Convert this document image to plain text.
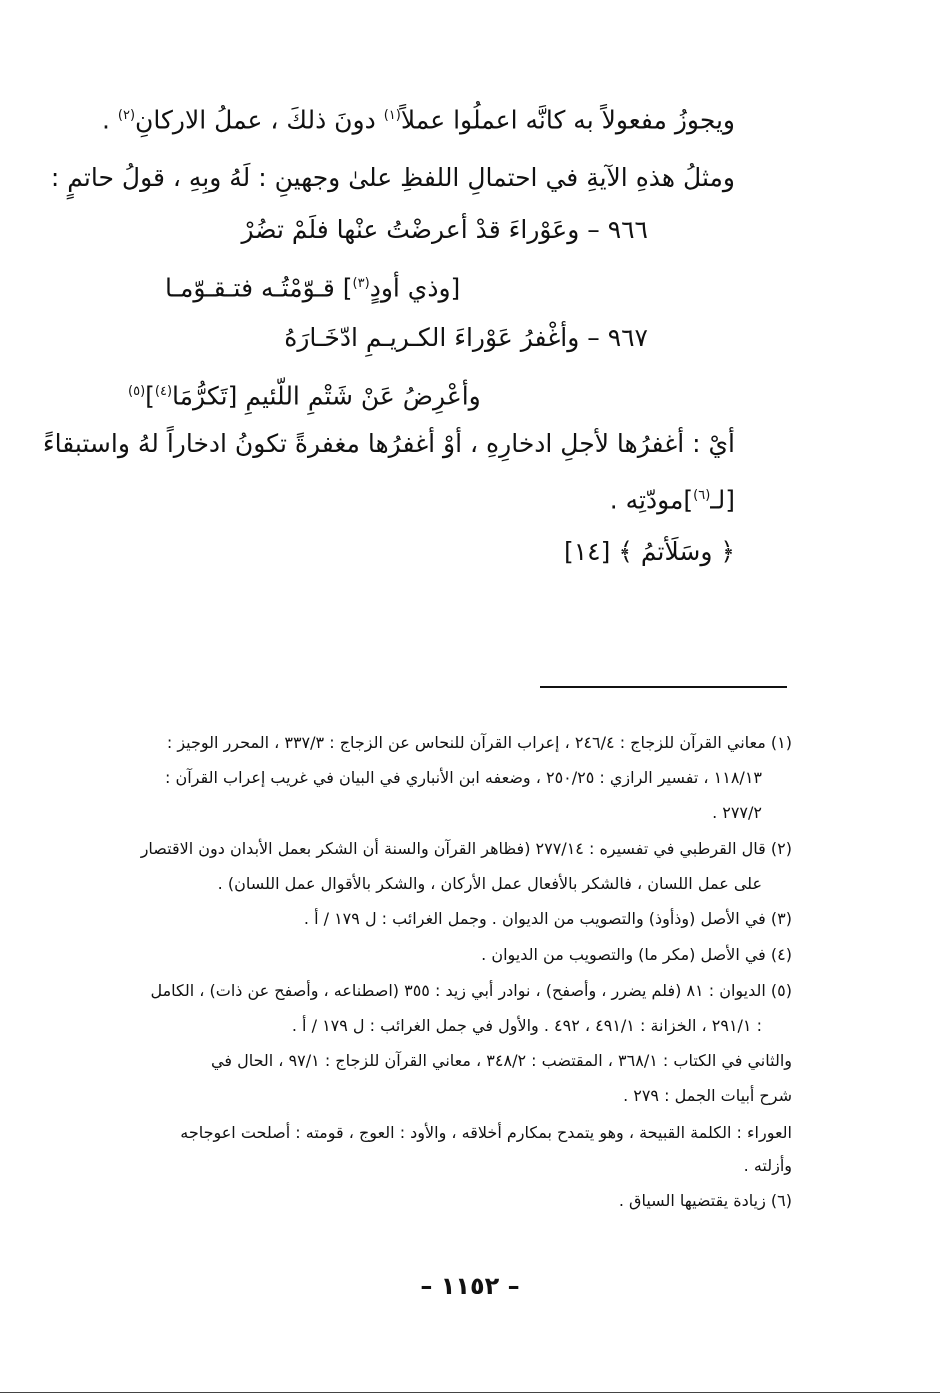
ويجوزُ مفعولاً به كانَّه اعملُوا عملاً$^{(١)}$ دونَ ذلكَ ، عملُ الاركانِ$^{(٢)}$ .
ومثلُ هذهِ الآيةِ في احتمالِ اللفظِ علىٰ وجهينِ : لَهُ وبِهِ ، قولُ حاتمٍ :
٩٦٦ – وعَوْراءَ قدْ أعرضْتُ عنْها فلَمْ تضُرْ
[وذي أودٍ$^{(٣)}$] قـوّمْتُـه فتـقـوّمـا
٩٦٧ – وأغْفرُ عَوْراءَ الكـريـمِ ادّخَـارَهُ
وأعْرِضُ عَنْ شَتْمِ اللّئيمِ [تَكرُّمَا$^{(٤)}$]$^{(٥)}$
أيْ : أغفرُها لأجلِ ادخارِهِ ، أوْ أغفرُها مغفرةً تكونُ ادخاراً لهُ واستبقاءً
[لـ$^{(٦)}$]مودّتِه .
﴿ وسَلَأتمُ ﴾ [١٤]
(١) معاني القرآن للزجاج : ٢٤٦/٤ ، إعراب القرآن للنحاس عن الزجاج : ٣٣٧/٣ ، المحرر الوجيز :
١١٨/١٣ ، تفسير الرازي : ٢٥٠/٢٥ ، وضعفه ابن الأنباري في البيان في غريب إعراب القرآن :
٢٧٧/٢ .
(٢) قال القرطبي في تفسيره : ٢٧٧/١٤ (فظاهر القرآن والسنة أن الشكر بعمل الأبدان دون الاقتصار
على عمل اللسان ، فالشكر بالأفعال عمل الأركان ، والشكر بالأقوال عمل اللسان) .
(٣) في الأصل (وذأوذ) والتصويب من الديوان . وجمل الغرائب : ل ١٧٩ / أ .
(٤) في الأصل (مكر ما) والتصويب من الديوان .
(٥) الديوان : ٨١ (فلم يضرر ، وأصفح) ، نوادر أبي زيد : ٣٥٥ (اصطناعه ، وأصفح عن ذات) ، الكامل
: ٢٩١/١ ، الخزانة : ٤٩١/١ ، ٤٩٢ . والأول في جمل الغرائب : ل ١٧٩ / أ .
والثاني في الكتاب : ٣٦٨/١ ، المقتضب : ٣٤٨/٢ ، معاني القرآن للزجاج : ٩٧/١ ، الحال في
شرح أبيات الجمل : ٢٧٩ .
العوراء : الكلمة القبيحة ، وهو يتمدح بمكارم أخلاقه ، والأود : العوج ، قومته : أصلحت اعوجاجه
وأزلته .
(٦) زيادة يقتضيها السياق .
– ١١٥٢ –
